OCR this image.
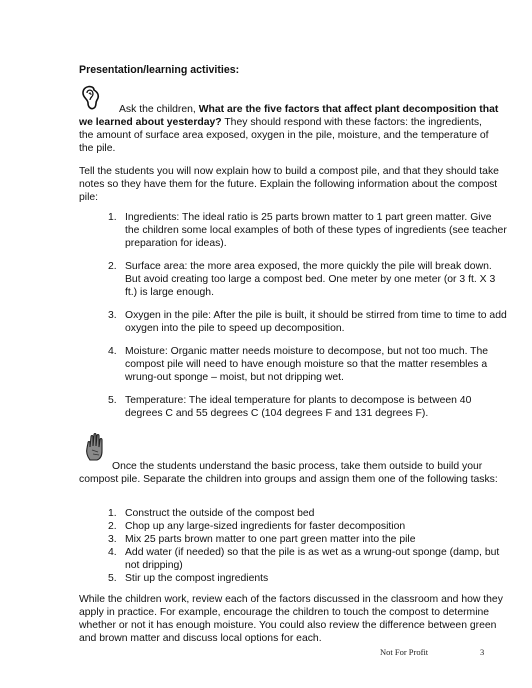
Presentation/learning activities:

Ask the children, What are the five factors that affect plant decomposition that we learned about yesterday? They should respond with these factors: the ingredients, the amount of surface area exposed, oxygen in the pile, moisture, and the temperature of the pile.

Tell the students you will now explain how to build a compost pile, and that they should take notes so they have them for the future. Explain the following information about the compost pile:

1. Ingredients: The ideal ratio is 25 parts brown matter to 1 part green matter. Give the children some local examples of both of these types of ingredients (see teacher preparation for ideas).
2. Surface area: the more area exposed, the more quickly the pile will break down. But avoid creating too large a compost bed. One meter by one meter (or 3 ft. X 3 ft.) is large enough.
3. Oxygen in the pile: After the pile is built, it should be stirred from time to time to add oxygen into the pile to speed up decomposition.
4. Moisture: Organic matter needs moisture to decompose, but not too much. The compost pile will need to have enough moisture so that the matter resembles a wrung-out sponge – moist, but not dripping wet.
5. Temperature: The ideal temperature for plants to decompose is between 40 degrees C and 55 degrees C (104 degrees F and 131 degrees F).

Once the students understand the basic process, take them outside to build your compost pile. Separate the children into groups and assign them one of the following tasks:

1. Construct the outside of the compost bed
2. Chop up any large-sized ingredients for faster decomposition
3. Mix 25 parts brown matter to one part green matter into the pile
4. Add water (if needed) so that the pile is as wet as a wrung-out sponge (damp, but not dripping)
5. Stir up the compost ingredients

While the children work, review each of the factors discussed in the classroom and how they apply in practice. For example, encourage the children to touch the compost to determine whether or not it has enough moisture. You could also review the difference between green and brown matter and discuss local options for each.

Not For Profit	3
